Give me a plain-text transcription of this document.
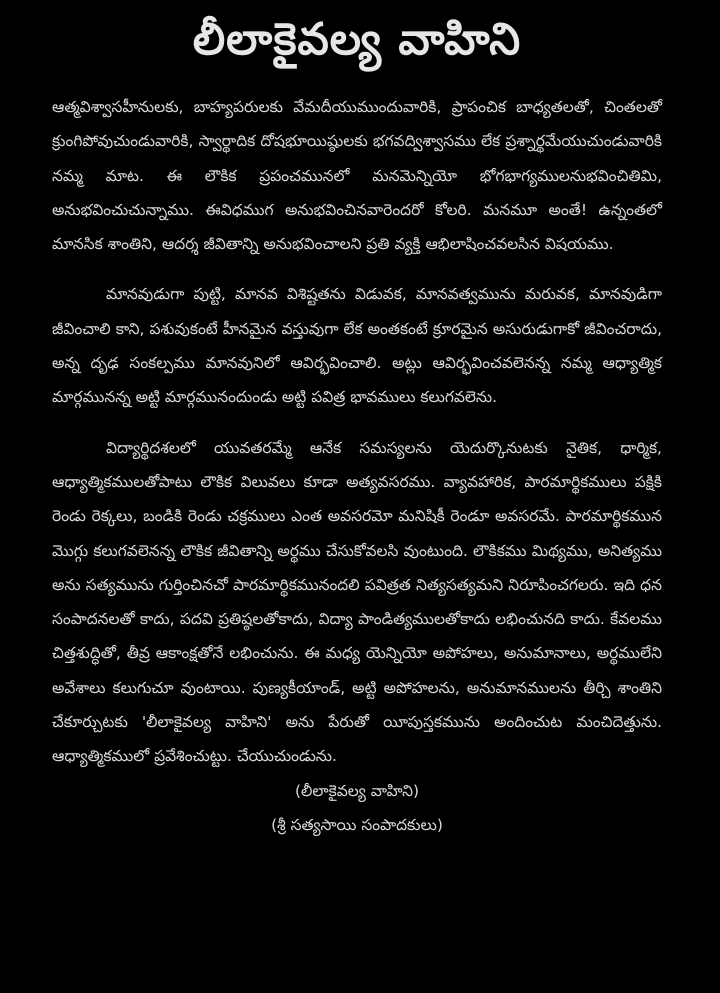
లీలాకైవల్య వాహిని

ఆత్మవిశ్వాసహీనులకు, బాహ్యపరులకు వేమదీయుముందువారికి, ప్రాపంచిక బాధ్యతలతో, చింతలతో క్రుంగిపోవుచుండువారికి, స్వార్థాదిక దోషభూయిష్ఠులకు భగవద్విశ్వాసము లేక ప్రశ్నార్థమేయుచుండువారికి నమ్మ మాట. ఈ లౌకిక ప్రపంచమునలో మనమెన్నియో భోగభాగ్యములనుభవించితిమి, అనుభవించుచున్నాము. ఈవిధముగ అనుభవించినవారెందరో కోలరి. మనమూ అంతే! ఉన్నంతలో మానసిక శాంతిని, ఆదర్శ జీవితాన్ని అనుభవించాలని ప్రతి వ్యక్తి ఆభిలాషించవలసిన విషయము.

మానవుడుగా పుట్టి, మానవ విశిష్టతను విడువక, మానవత్వమును మరువక, మానవుడిగా జీవించాలి కాని, పశువుకంటే హీనమైన వస్తువుగా లేక అంతకంటే క్రూరమైన అసురుడుగాకో జీవించరాదు, అన్న దృఢ సంకల్పము మానవునిలో ఆవిర్భవించాలి. అట్లు ఆవిర్భవించవలెనన్న నమ్మ ఆధ్యాత్మిక మార్గమునన్న అట్టి మార్గమునందుండు అట్టి పవిత్ర భావములు కలుగవలెను.

విద్యార్థిదశలలో యువతరమ్మే ఆనేక సమస్యలను యెదుర్కొనుటకు నైతిక, ధార్మిక, ఆధ్యాత్మికములతోపాటు లౌకిక విలువలు కూడా అత్యవసరము. వ్యావహారిక, పారమార్థికములు పక్షికి రెండు రెక్కలు, బండికి రెండు చక్రములు ఎంత అవసరమో మనిషికీ రెండూ అవసరమే. పారమార్థికమున మొగ్గు కలుగవలెనన్న లౌకిక జీవితాన్ని అర్థము చేసుకోవలసి వుంటుంది. లౌకికము మిథ్యము, అనిత్యము అను సత్యమును గుర్తించినచో పారమార్థికమునందలి పవిత్రత నిత్యసత్యమని నిరూపించగలరు. ఇది ధన సంపాదనలతో కాదు, పదవి ప్రతిష్ఠలతోకాదు, విద్యా పాండిత్యములతోకాదు లభించునది కాదు. కేవలము చిత్తశుద్ధితో, తీవ్ర ఆకాంక్షతోనే లభించును. ఈ మధ్య యెన్నియో అపోహలు, అనుమానాలు, అర్థములేని అవేశాలు కలుగుచూ వుంటాయి. పుణ్యకీయాండ్, అట్టి అపోహలను, అనుమానములను తీర్చి శాంతిని చేకూర్చుటకు 'లీలాకైవల్య వాహిని' అను పేరుతో యీపుస్తకమును అందించుట మంచిదెత్తును. ఆధ్యాత్మికములో ప్రవేశించుట్టు. చేయుచుండును.

(లీలాకైవల్య వాహిని)

(శ్రీ సత్యసాయి సంపాదకులు)
